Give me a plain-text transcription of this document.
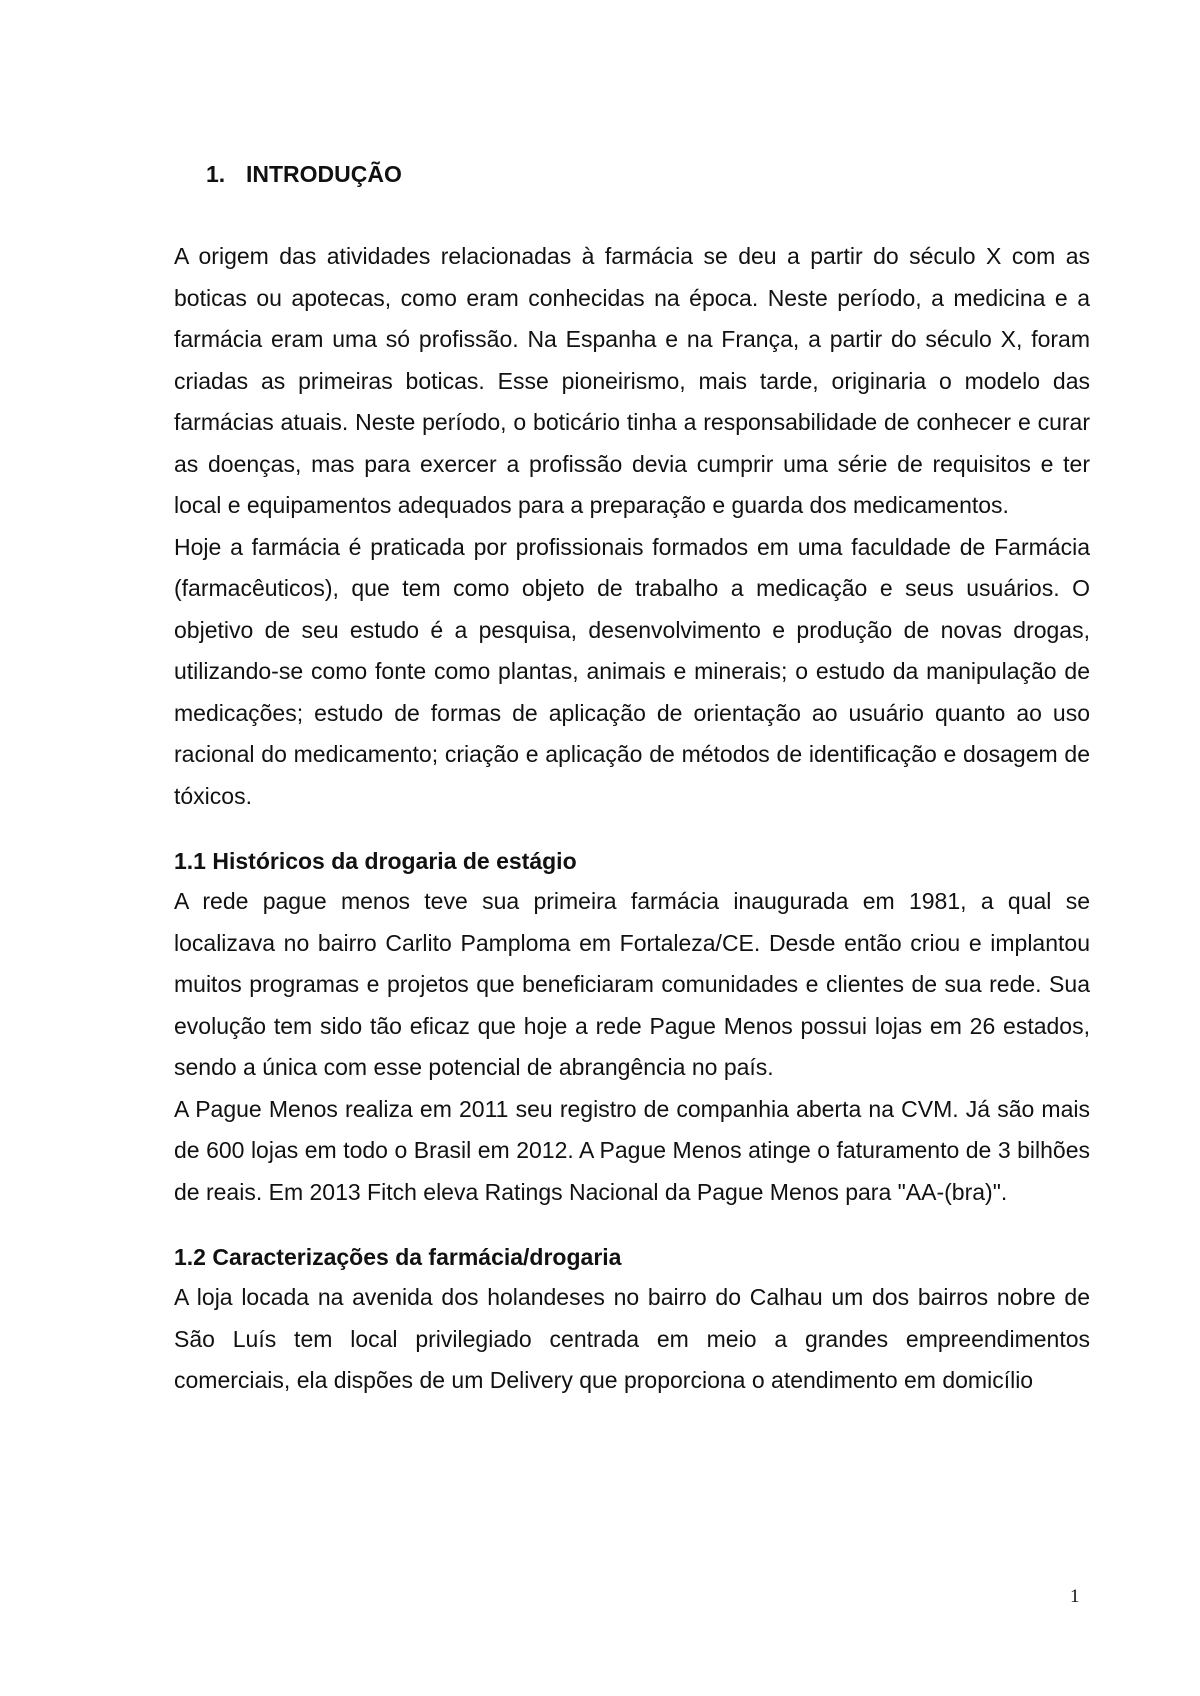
1. INTRODUÇÃO

A origem das atividades relacionadas à farmácia se deu a partir do século X com as boticas ou apotecas, como eram conhecidas na época. Neste período, a medicina e a farmácia eram uma só profissão. Na Espanha e na França, a partir do século X, foram criadas as primeiras boticas. Esse pioneirismo, mais tarde, originaria o modelo das farmácias atuais. Neste período, o boticário tinha a responsabilidade de conhecer e curar as doenças, mas para exercer a profissão devia cumprir uma série de requisitos e ter local e equipamentos adequados para a preparação e guarda dos medicamentos.

Hoje a farmácia é praticada por profissionais formados em uma faculdade de Farmácia (farmacêuticos), que tem como objeto de trabalho a medicação e seus usuários. O objetivo de seu estudo é a pesquisa, desenvolvimento e produção de novas drogas, utilizando-se como fonte como plantas, animais e minerais; o estudo da manipulação de medicações; estudo de formas de aplicação de orientação ao usuário quanto ao uso racional do medicamento; criação e aplicação de métodos de identificação e dosagem de tóxicos.

1.1 Históricos da drogaria de estágio

A rede pague menos teve sua primeira farmácia inaugurada em 1981, a qual se localizava no bairro Carlito Pamploma em Fortaleza/CE. Desde então criou e implantou muitos programas e projetos que beneficiaram comunidades e clientes de sua rede. Sua evolução tem sido tão eficaz que hoje a rede Pague Menos possui lojas em 26 estados, sendo a única com esse potencial de abrangência no país.

A Pague Menos realiza em 2011 seu registro de companhia aberta na CVM. Já são mais de 600 lojas em todo o Brasil em 2012. A Pague Menos atinge o faturamento de 3 bilhões de reais. Em 2013 Fitch eleva Ratings Nacional da Pague Menos para "AA-(bra)".

1.2 Caracterizações da farmácia/drogaria

A loja locada na avenida dos holandeses no bairro do Calhau um dos bairros nobre de São Luís tem local privilegiado centrada em meio a grandes empreendimentos comerciais, ela dispões de um Delivery que proporciona o atendimento em domicílio

1
